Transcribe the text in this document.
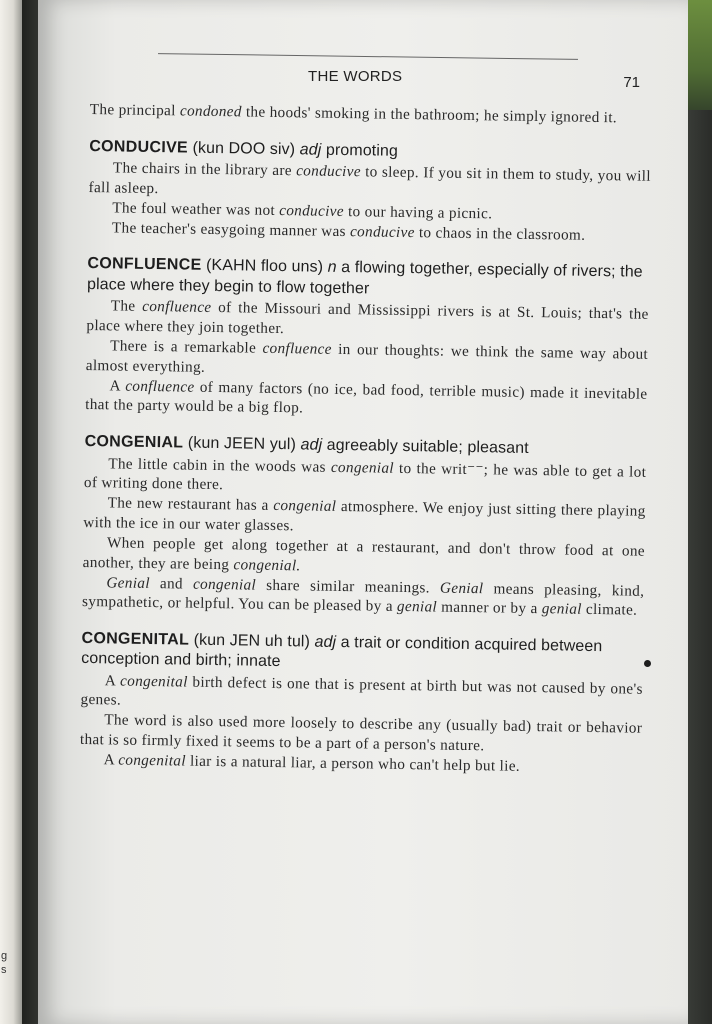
g
s
THE WORDS	71

The principal condoned the hoods' smoking in the bathroom; he simply ignored it.

CONDUCIVE (kun DOO siv) adj promoting

The chairs in the library are conducive to sleep. If you sit in them to study, you will fall asleep.

The foul weather was not conducive to our having a picnic.

The teacher's easygoing manner was conducive to chaos in the classroom.

CONFLUENCE (KAHN floo uns) n a flowing together, especially of rivers; the place where they begin to flow together

The confluence of the Missouri and Mississippi rivers is at St. Louis; that's the place where they join together.

There is a remarkable confluence in our thoughts: we think the same way about almost everything.

A confluence of many factors (no ice, bad food, terrible music) made it inevitable that the party would be a big flop.

CONGENIAL (kun JEEN yul) adj agreeably suitable; pleasant

The little cabin in the woods was congenial to the writ⁻⁻; he was able to get a lot of writing done there.

The new restaurant has a congenial atmosphere. We enjoy just sitting there playing with the ice in our water glasses.

When people get along together at a restaurant, and don't throw food at one another, they are being congenial.

Genial and congenial share similar meanings. Genial means pleasing, kind, sympathetic, or helpful. You can be pleased by a genial manner or by a genial climate.

CONGENITAL (kun JEN uh tul) adj a trait or condition acquired between conception and birth; innate

A congenital birth defect is one that is present at birth but was not caused by one's genes.

The word is also used more loosely to describe any (usually bad) trait or behavior that is so firmly fixed it seems to be a part of a person's nature.

A congenital liar is a natural liar, a person who can't help but lie.
